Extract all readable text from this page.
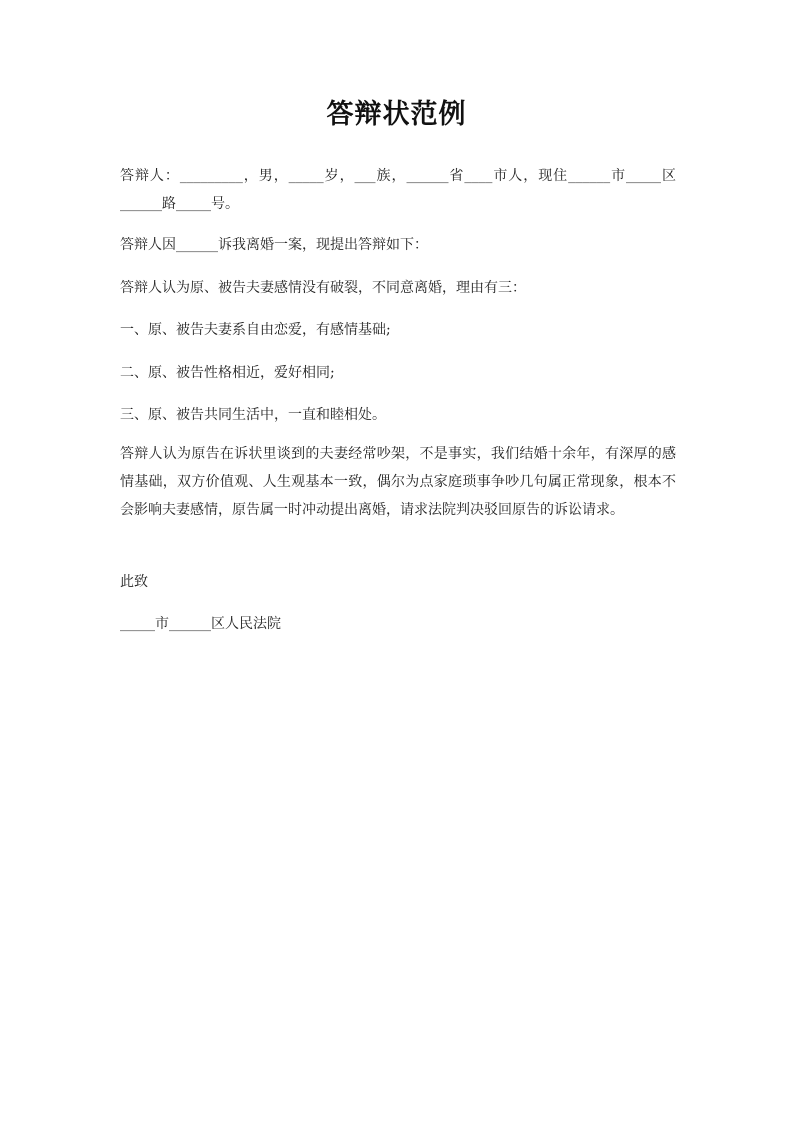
答辩状范例
答辩人：_________，男，_____岁，___族，______省____市人，现住______市_____区______路_____号。
答辩人因______诉我离婚一案，现提出答辩如下：
答辩人认为原、被告夫妻感情没有破裂，不同意离婚，理由有三：
一、原、被告夫妻系自由恋爱，有感情基础;
二、原、被告性格相近，爱好相同;
三、原、被告共同生活中，一直和睦相处。
答辩人认为原告在诉状里谈到的夫妻经常吵架，不是事实，我们结婚十余年，有深厚的感情基础，双方价值观、人生观基本一致，偶尔为点家庭琐事争吵几句属正常现象，根本不会影响夫妻感情，原告属一时冲动提出离婚，请求法院判决驳回原告的诉讼请求。
此致
_____市______区人民法院
